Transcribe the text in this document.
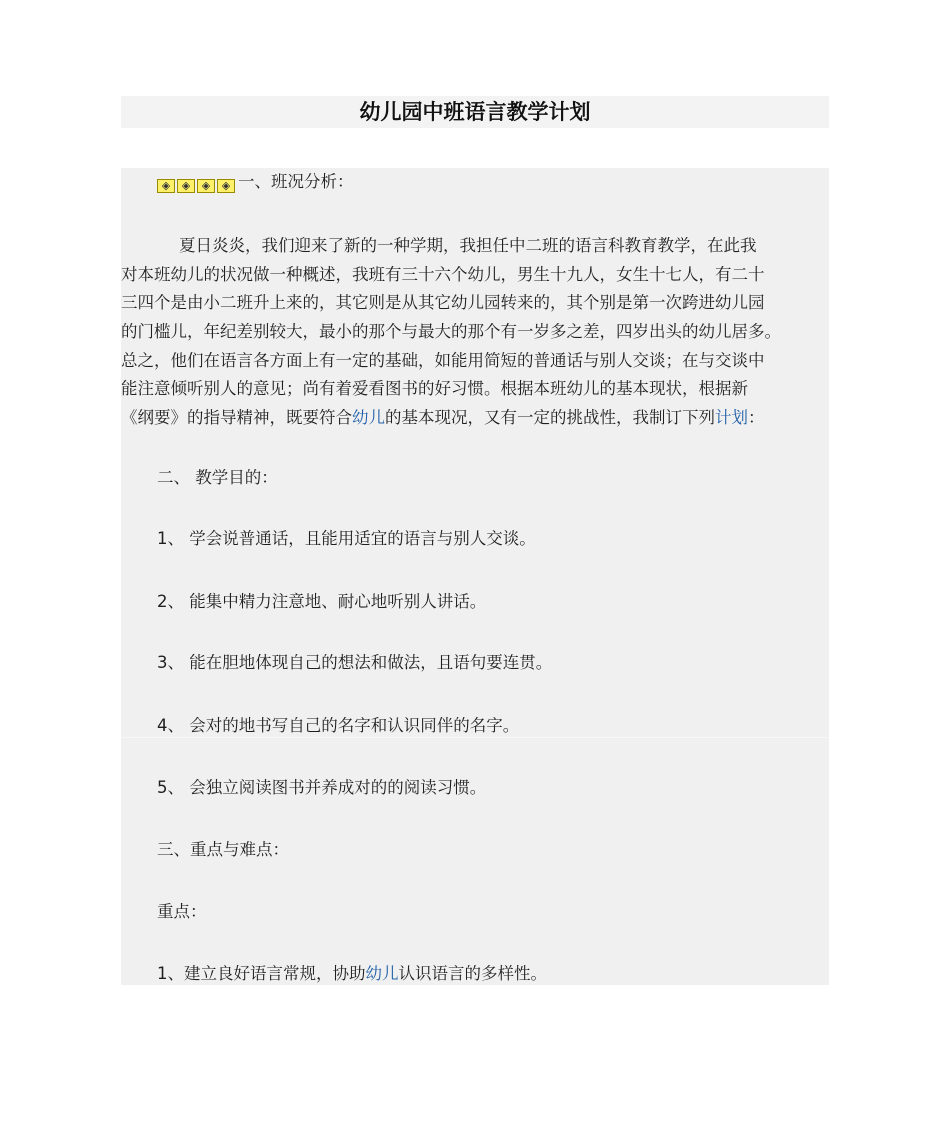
幼儿园中班语言教学计划
◈ ◈ ◈ ◈ 一、班况分析：
夏日炎炎，我们迎来了新的一种学期，我担任中二班的语言科教育教学，在此我
对本班幼儿的状况做一种概述，我班有三十六个幼儿，男生十九人，女生十七人，有二十
三四个是由小二班升上来的，其它则是从其它幼儿园转来的，其个别是第一次跨进幼儿园
的门槛儿，年纪差别较大，最小的那个与最大的那个有一岁多之差，四岁出头的幼儿居多。
总之，他们在语言各方面上有一定的基础，如能用简短的普通话与别人交谈；在与交谈中
能注意倾听别人的意见；尚有着爱看图书的好习惯。根据本班幼儿的基本现状，根据新
《纲要》的指导精神，既要符合幼儿的基本现况，又有一定的挑战性，我制订下列计划：
二、 教学目的：
1、 学会说普通话，且能用适宜的语言与别人交谈。
2、 能集中精力注意地、耐心地听别人讲话。
3、 能在胆地体现自己的想法和做法，且语句要连贯。
4、 会对的地书写自己的名字和认识同伴的名字。
5、 会独立阅读图书并养成对的的阅读习惯。
三、重点与难点：
重点：
1、建立良好语言常规，协助幼儿认识语言的多样性。
